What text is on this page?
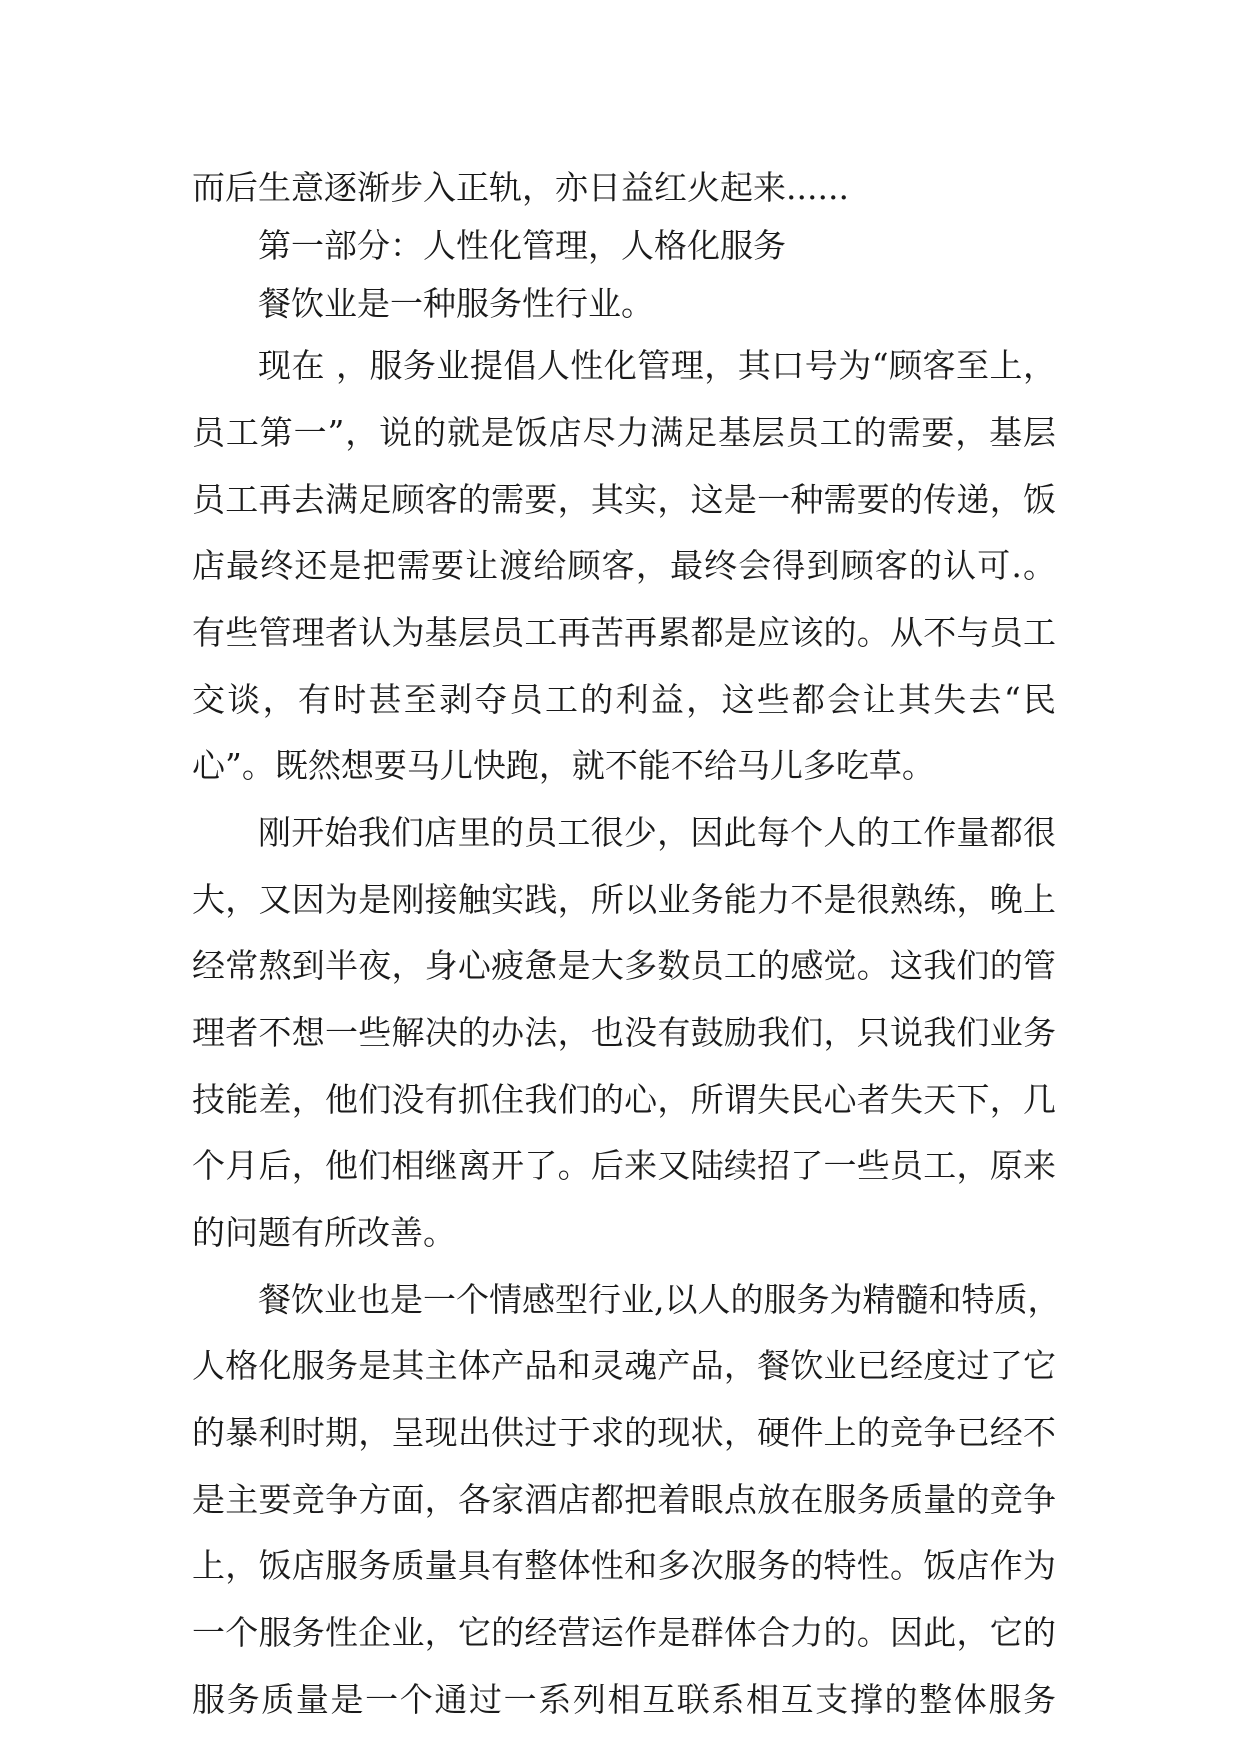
而后生意逐渐步入正轨，亦日益红火起来......
第一部分：人性化管理，人格化服务
餐饮业是一种服务性行业。
现在 ，服务业提倡人性化管理，其口号为“顾客至上，
员工第一”，说的就是饭店尽力满足基层员工的需要，基层
员工再去满足顾客的需要，其实，这是一种需要的传递，饭
店最终还是把需要让渡给顾客，最终会得到顾客的认可.。
有些管理者认为基层员工再苦再累都是应该的。从不与员工
交谈，有时甚至剥夺员工的利益，这些都会让其失去“民
心”。既然想要马儿快跑，就不能不给马儿多吃草。
刚开始我们店里的员工很少，因此每个人的工作量都很
大，又因为是刚接触实践，所以业务能力不是很熟练，晚上
经常熬到半夜，身心疲惫是大多数员工的感觉。这我们的管
理者不想一些解决的办法，也没有鼓励我们，只说我们业务
技能差，他们没有抓住我们的心，所谓失民心者失天下，几
个月后，他们相继离开了。后来又陆续招了一些员工，原来
的问题有所改善。
餐饮业也是一个情感型行业,以人的服务为精髓和特质，
人格化服务是其主体产品和灵魂产品，餐饮业已经度过了它
的暴利时期，呈现出供过于求的现状，硬件上的竞争已经不
是主要竞争方面，各家酒店都把着眼点放在服务质量的竞争
上，饭店服务质量具有整体性和多次服务的特性。饭店作为
一个服务性企业，它的经营运作是群体合力的。因此，它的
服务质量是一个通过一系列相互联系相互支撑的整体服务
